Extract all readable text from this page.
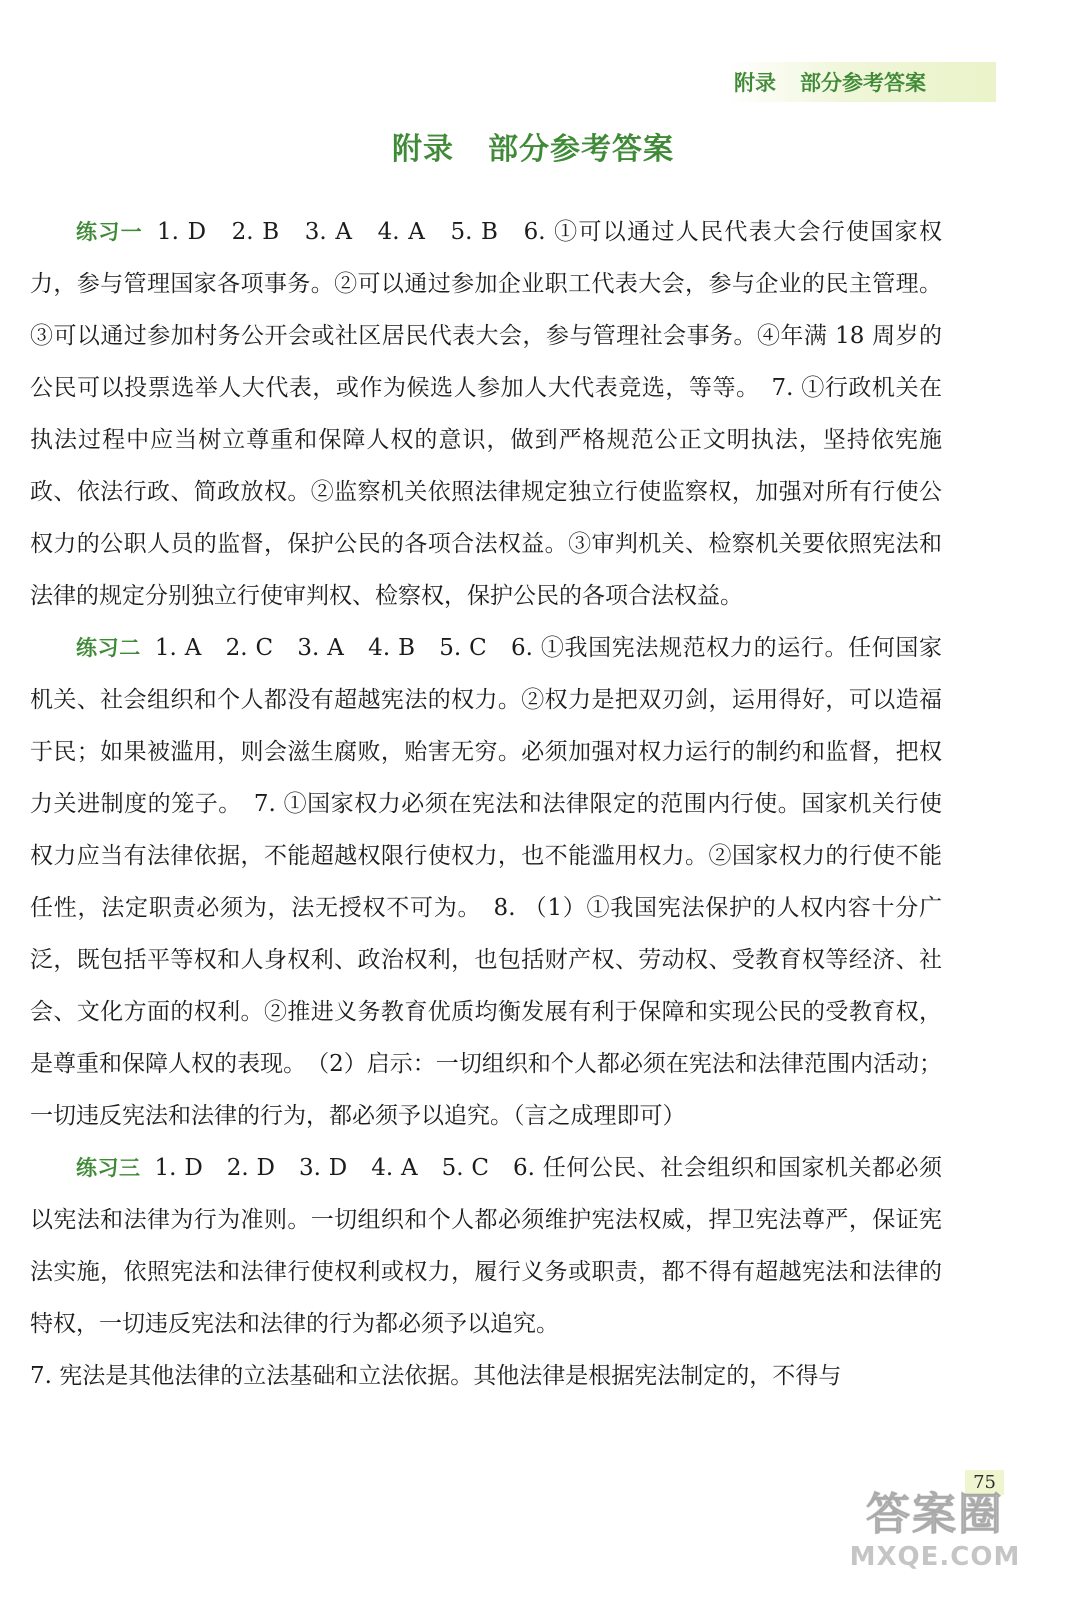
附录 部分参考答案
附录 部分参考答案

练习一 1. D　2. B　3. A　4. A　5. B　6. ①可以通过人民代表大会行使国家权力，参与管理国家各项事务。②可以通过参加企业职工代表大会，参与企业的民主管理。③可以通过参加村务公开会或社区居民代表大会，参与管理社会事务。④年满 18 周岁的公民可以投票选举人大代表，或作为候选人参加人大代表竞选，等等。　7. ①行政机关在执法过程中应当树立尊重和保障人权的意识，做到严格规范公正文明执法，坚持依宪施政、依法行政、简政放权。②监察机关依照法律规定独立行使监察权，加强对所有行使公权力的公职人员的监督，保护公民的各项合法权益。③审判机关、检察机关要依照宪法和法律的规定分别独立行使审判权、检察权，保护公民的各项合法权益。

练习二 1. A　2. C　3. A　4. B　5. C　6. ①我国宪法规范权力的运行。任何国家机关、社会组织和个人都没有超越宪法的权力。②权力是把双刃剑，运用得好，可以造福于民；如果被滥用，则会滋生腐败，贻害无穷。必须加强对权力运行的制约和监督，把权力关进制度的笼子。　7. ①国家权力必须在宪法和法律限定的范围内行使。国家机关行使权力应当有法律依据，不能超越权限行使权力，也不能滥用权力。②国家权力的行使不能任性，法定职责必须为，法无授权不可为。　8. （1）①我国宪法保护的人权内容十分广泛，既包括平等权和人身权利、政治权利，也包括财产权、劳动权、受教育权等经济、社会、文化方面的权利。②推进义务教育优质均衡发展有利于保障和实现公民的受教育权，是尊重和保障人权的表现。　（2）启示：一切组织和个人都必须在宪法和法律范围内活动；一切违反宪法和法律的行为，都必须予以追究。（言之成理即可）

练习三 1. D　2. D　3. D　4. A　5. C　6. 任何公民、社会组织和国家机关都必须以宪法和法律为行为准则。一切组织和个人都必须维护宪法权威，捍卫宪法尊严，保证宪法实施，依照宪法和法律行使权利或权力，履行义务或职责，都不得有超越宪法和法律的特权，一切违反宪法和法律的行为都必须予以追究。

7. 宪法是其他法律的立法基础和立法依据。其他法律是根据宪法制定的，不得与

75
答案圈
MXQE.COM
